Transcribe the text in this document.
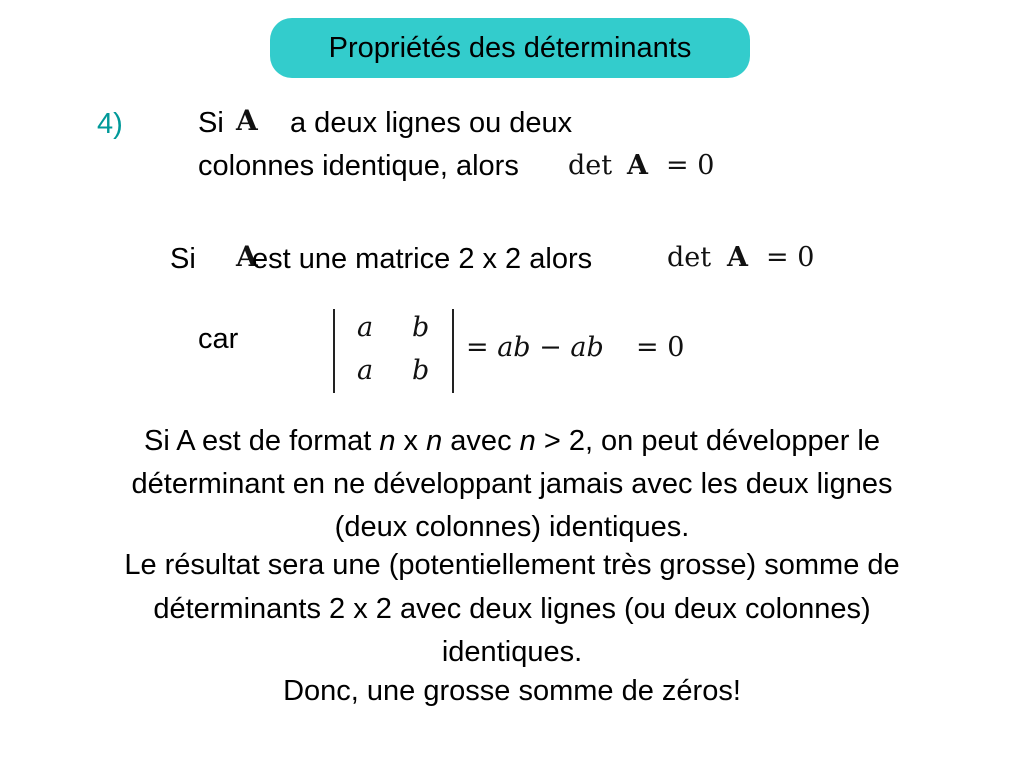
Propriétés des déterminants
4)	Si A a deux lignes ou deux
colonnes identique, alors det A = 0
Si A
est une matrice 2 x 2 alors	det A = 0
car	a b
a b
= ab − ab = 0
Si A est de format n x n avec n > 2, on peut développer le
déterminant en ne développant jamais avec les deux lignes
(deux colonnes) identiques.
Le résultat sera une (potentiellement très grosse) somme de
déterminants 2 x 2 avec deux lignes (ou deux colonnes)
identiques.
Donc, une grosse somme de zéros!
